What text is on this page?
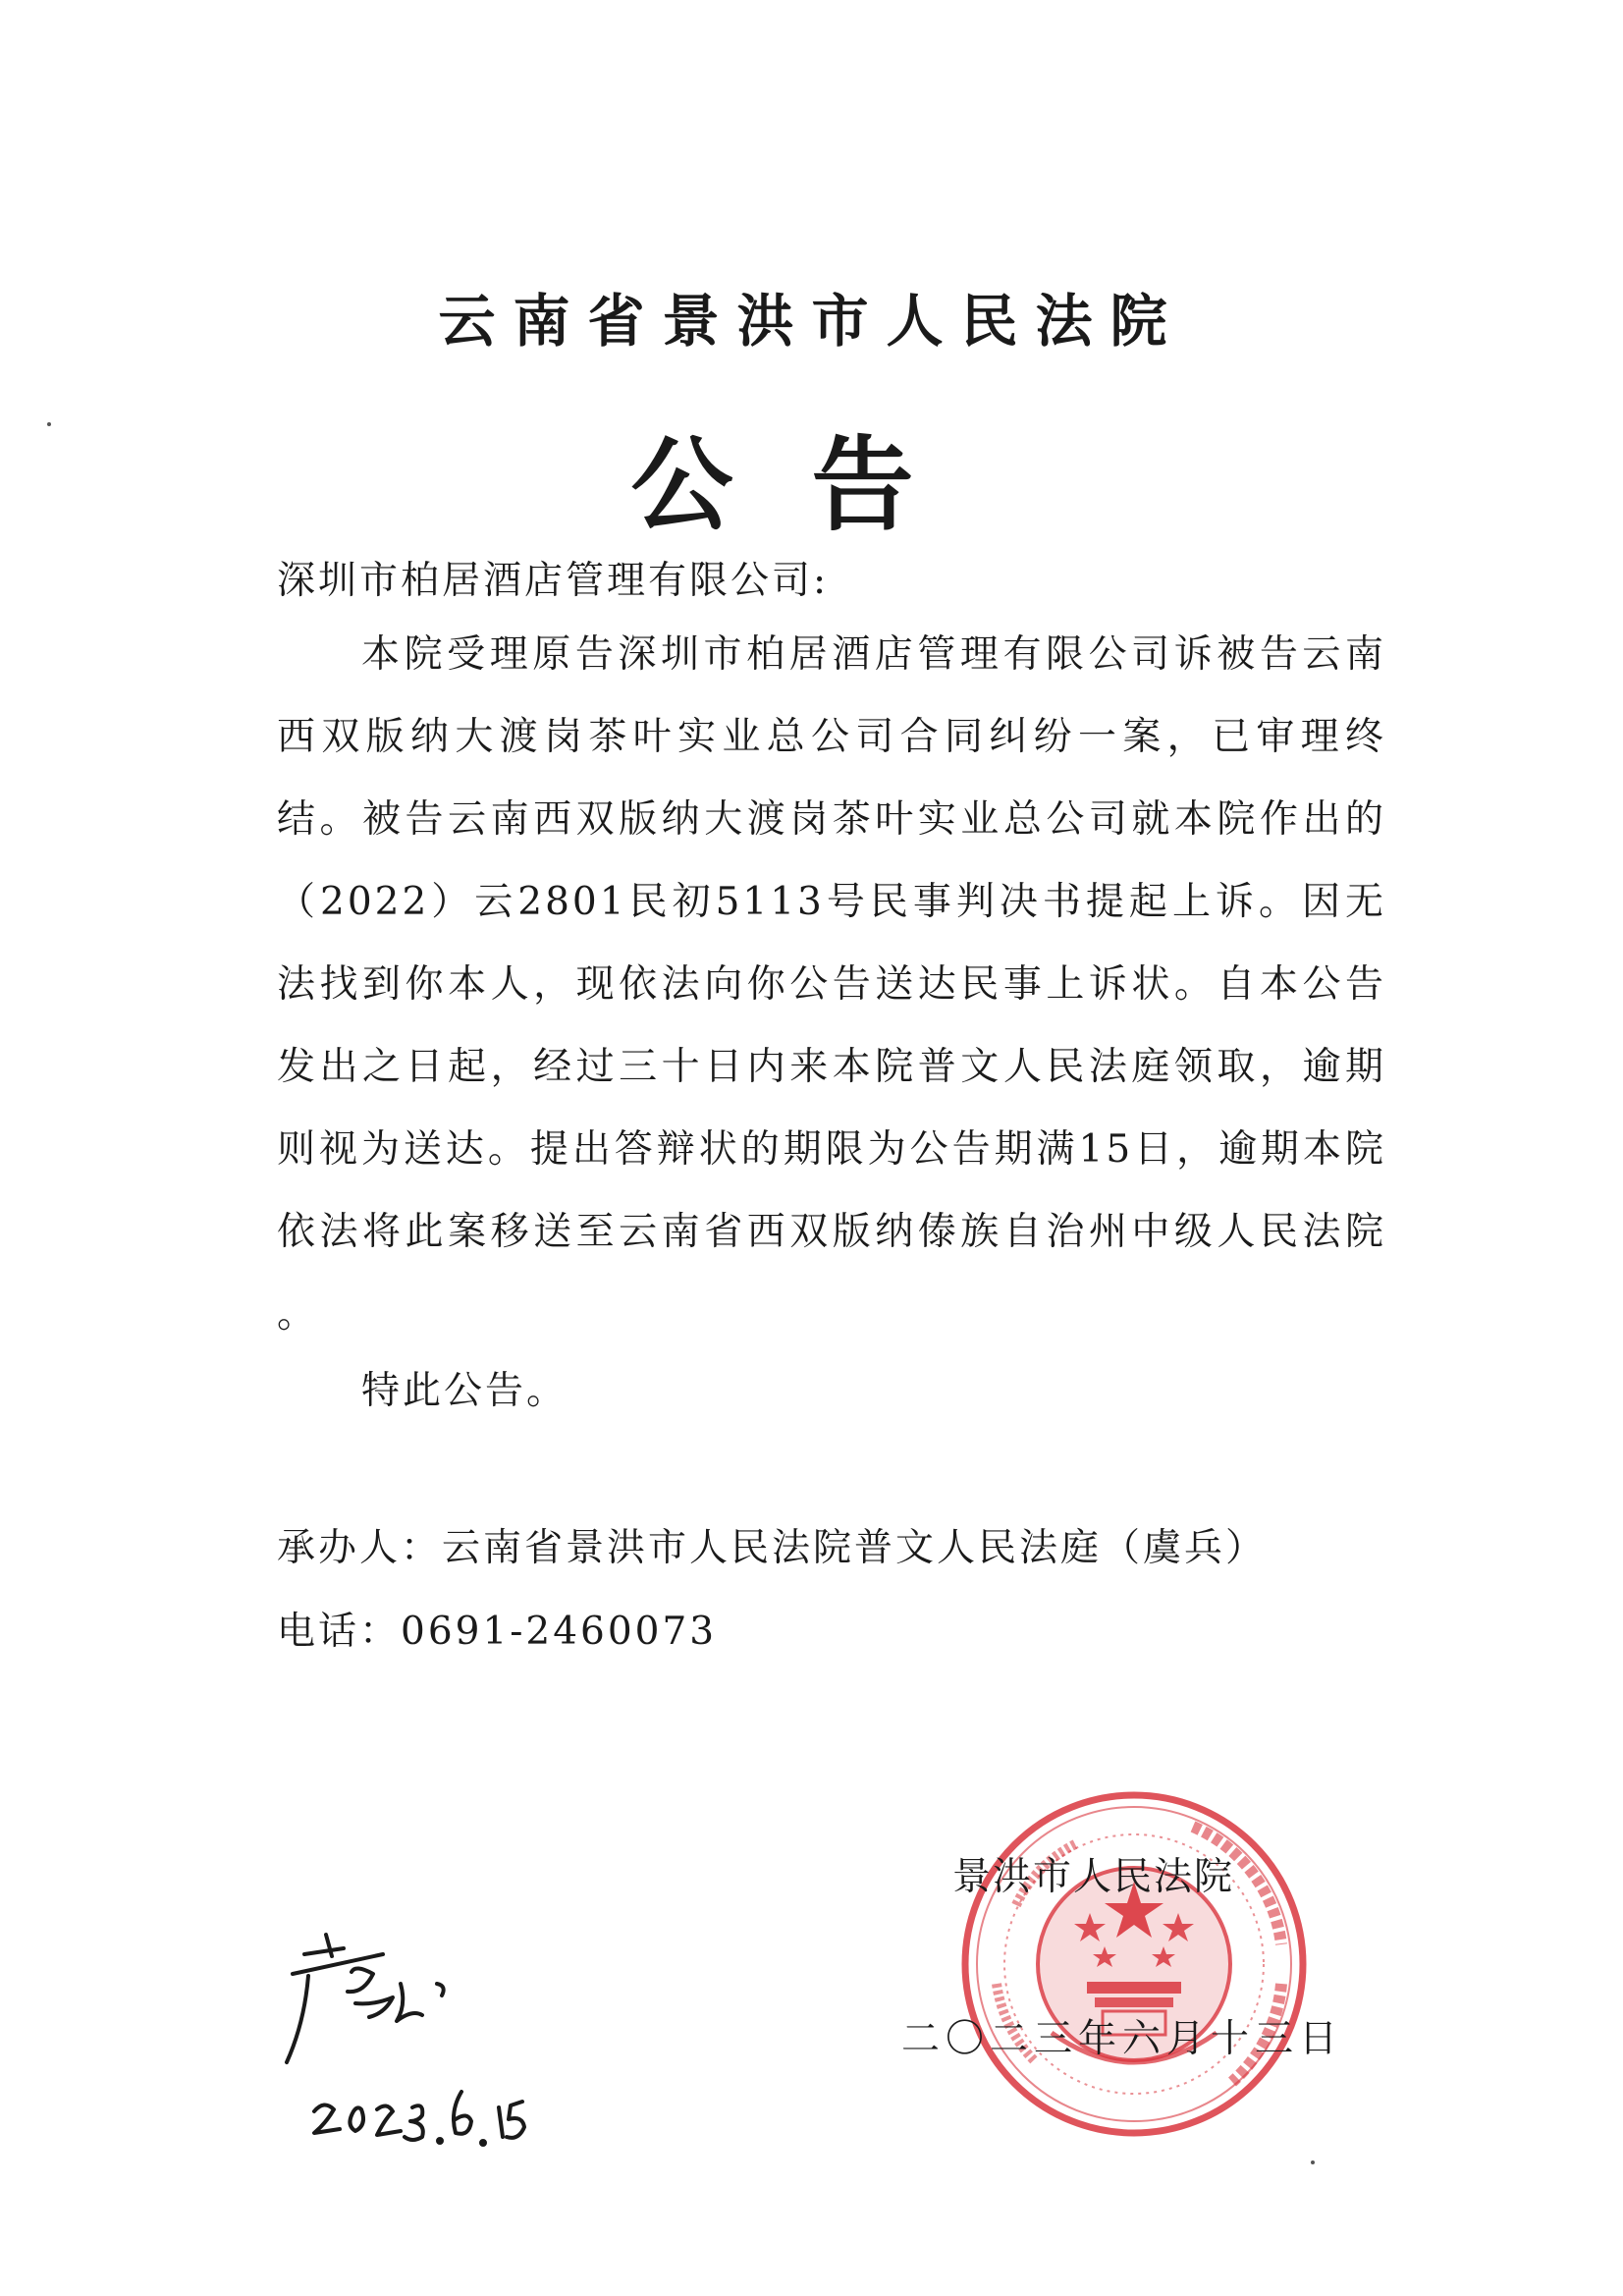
云南省景洪市人民法院
公告
深圳市柏居酒店管理有限公司:
本院受理原告深圳市柏居酒店管理有限公司诉被告云南西双版纳大渡岗茶叶实业总公司合同纠纷一案，已审理终结。被告云南西双版纳大渡岗茶叶实业总公司就本院作出的（2022）云2801民初5113号民事判决书提起上诉。因无法找到你本人，现依法向你公告送达民事上诉状。自本公告发出之日起，经过三十日内来本院普文人民法庭领取，逾期则视为送达。提出答辩状的期限为公告期满15日，逾期本院依法将此案移送至云南省西双版纳傣族自治州中级人民法院 。
特此公告。
承办人：云南省景洪市人民法院普文人民法庭（虞兵）
电话：0691-2460073
景洪市人民法院
二〇二三年六月十三日
